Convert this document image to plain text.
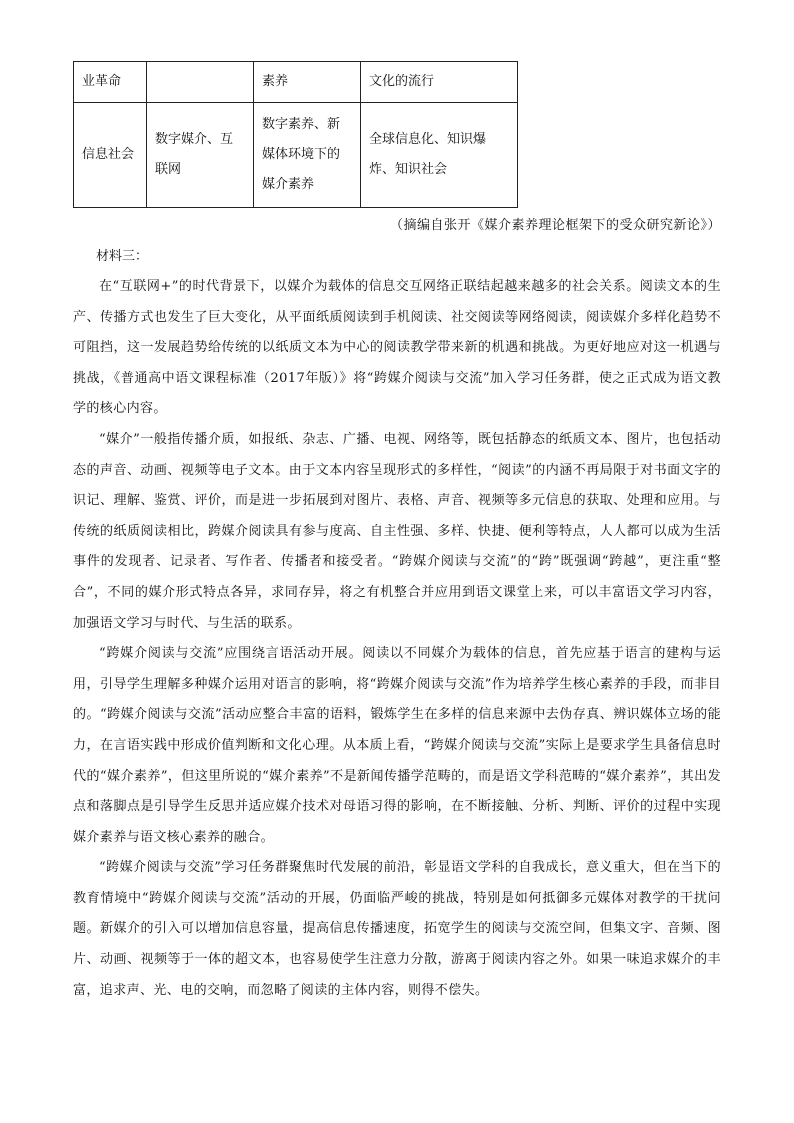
业革命		素养	文化的流行
信息社会	数字媒介、互联网	数字素养、新媒体环境下的媒介素养	全球信息化、知识爆炸、知识社会
（摘编自张开《媒介素养理论框架下的受众研究新论》）
材料三：

在“互联网+”的时代背景下，以媒介为载体的信息交互网络正联结起越来越多的社会关系。阅读文本的生产、传播方式也发生了巨大变化，从平面纸质阅读到手机阅读、社交阅读等网络阅读，阅读媒介多样化趋势不可阻挡，这一发展趋势给传统的以纸质文本为中心的阅读教学带来新的机遇和挑战。为更好地应对这一机遇与挑战，《普通高中语文课程标准（2017年版）》将“跨媒介阅读与交流”加入学习任务群，使之正式成为语文教学的核心内容。

“媒介”一般指传播介质，如报纸、杂志、广播、电视、网络等，既包括静态的纸质文本、图片，也包括动态的声音、动画、视频等电子文本。由于文本内容呈现形式的多样性，“阅读”的内涵不再局限于对书面文字的识记、理解、鉴赏、评价，而是进一步拓展到对图片、表格、声音、视频等多元信息的获取、处理和应用。与传统的纸质阅读相比，跨媒介阅读具有参与度高、自主性强、多样、快捷、便利等特点，人人都可以成为生活事件的发现者、记录者、写作者、传播者和接受者。“跨媒介阅读与交流”的“跨”既强调“跨越”，更注重“整合”，不同的媒介形式特点各异，求同存异，将之有机整合并应用到语文课堂上来，可以丰富语文学习内容，加强语文学习与时代、与生活的联系。

“跨媒介阅读与交流”应围绕言语活动开展。阅读以不同媒介为载体的信息，首先应基于语言的建构与运用，引导学生理解多种媒介运用对语言的影响，将“跨媒介阅读与交流”作为培养学生核心素养的手段，而非目的。“跨媒介阅读与交流”活动应整合丰富的语料，锻炼学生在多样的信息来源中去伪存真、辨识媒体立场的能力，在言语实践中形成价值判断和文化心理。从本质上看，“跨媒介阅读与交流”实际上是要求学生具备信息时代的“媒介素养”，但这里所说的“媒介素养”不是新闻传播学范畴的，而是语文学科范畴的“媒介素养”，其出发点和落脚点是引导学生反思并适应媒介技术对母语习得的影响，在不断接触、分析、判断、评价的过程中实现媒介素养与语文核心素养的融合。

“跨媒介阅读与交流”学习任务群聚焦时代发展的前沿，彰显语文学科的自我成长，意义重大，但在当下的教育情境中“跨媒介阅读与交流”活动的开展，仍面临严峻的挑战，特别是如何抵御多元媒体对教学的干扰问题。新媒介的引入可以增加信息容量，提高信息传播速度，拓宽学生的阅读与交流空间，但集文字、音频、图片、动画、视频等于一体的超文本，也容易使学生注意力分散，游离于阅读内容之外。如果一味追求媒介的丰富，追求声、光、电的交响，而忽略了阅读的主体内容，则得不偿失。
